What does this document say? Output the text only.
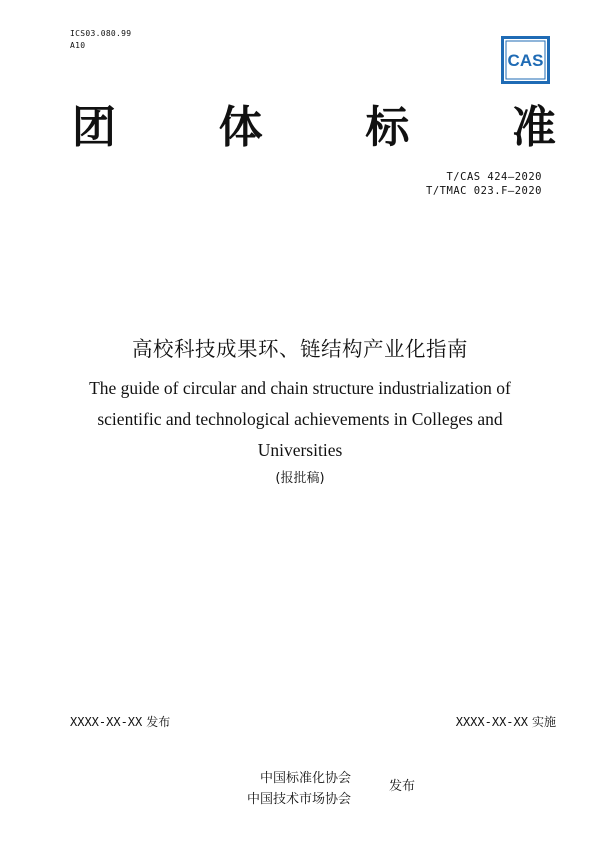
ICS03.080.99
A10
CAS
团 体 标 准
T/CAS 424—2020
T/TMAC 023.F—2020
高校科技成果环、链结构产业化指南
The guide of circular and chain structure industrialization of
scientific and technological achievements in Colleges and
Universities
(报批稿)
XXXX-XX-XX 发布	XXXX-XX-XX 实施
中国标准化协会
中国技术市场协会
发布
